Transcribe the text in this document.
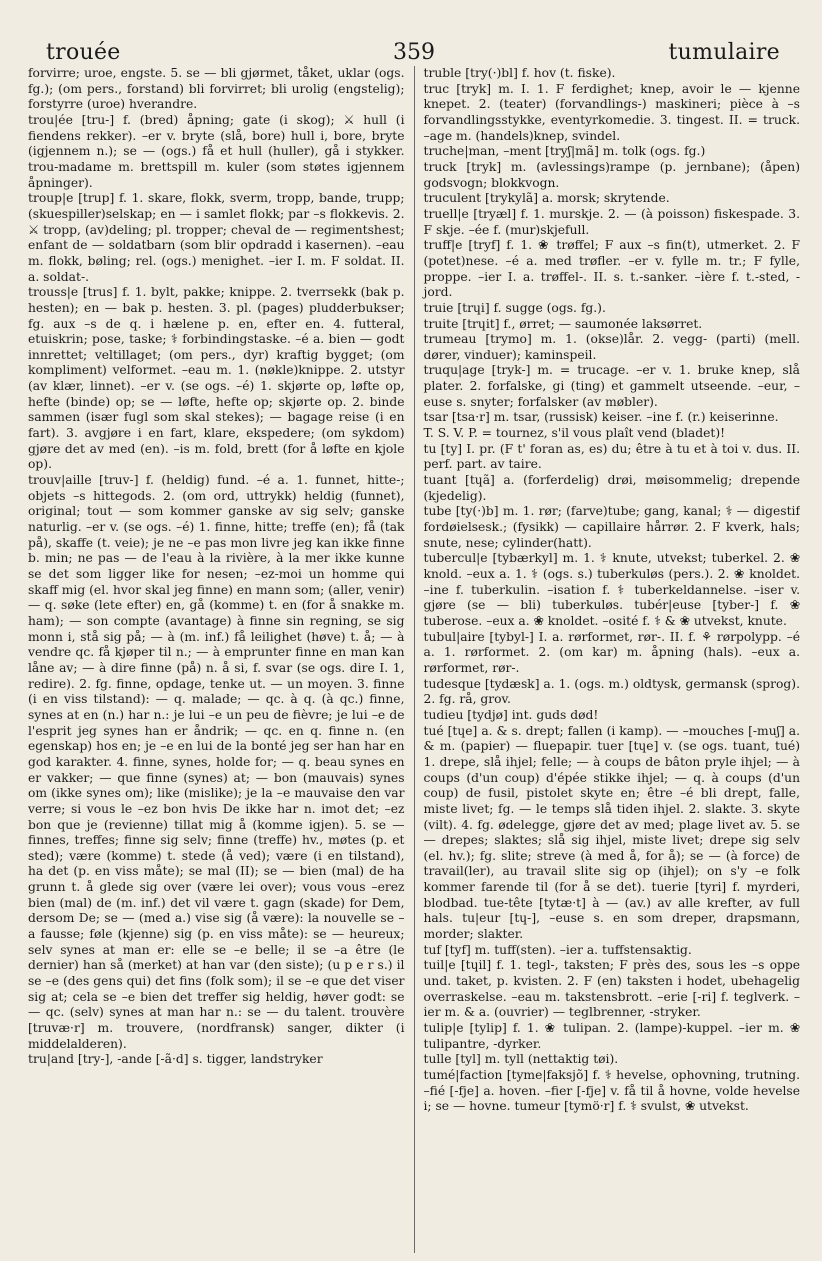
trouée	359	tumulaire

forvirre; uroe, engste. 5. se — bli gjørmet, tåket, uklar (ogs. fg.); (om pers., forstand) bli forvirret; bli urolig (engstelig); forstyrre (uroe) hverandre.

trou|ée [tru-] f. (bred) åpning; gate (i skog); ⚔ hull (i fiendens rekker). –er v. bryte (slå, bore) hull i, bore, bryte (igjennem n.); se — (ogs.) få et hull (huller), gå i stykker. trou-madame m. brettspill m. kuler (som støtes igjennem åpninger).

troup|e [trup] f. 1. skare, flokk, sverm, tropp, bande, trupp; (skuespiller)selskap; en — i samlet flokk; par –s flokkevis. 2. ⚔ tropp, (av)deling; pl. tropper; cheval de — regimentshest; enfant de — soldatbarn (som blir opdradd i kasernen). –eau m. flokk, bøling; rel. (ogs.) menighet. –ier I. m. F soldat. II. a. soldat-.

trouss|e [trus] f. 1. bylt, pakke; knippe. 2. tverrsekk (bak p. hesten); en — bak p. hesten. 3. pl. (pages) pludderbukser; fg. aux –s de q. i hælene p. en, efter en. 4. futteral, etuiskrin; pose, taske; ⚕ forbindingstaske. –é a. bien — godt innrettet; veltillaget; (om pers., dyr) kraftig bygget; (om kompliment) velformet. –eau m. 1. (nøkle)knippe. 2. utstyr (av klær, linnet). –er v. (se ogs. –é) 1. skjørte op, løfte op, hefte (binde) op; se — løfte, hefte op; skjørte op. 2. binde sammen (især fugl som skal stekes); — bagage reise (i en fart). 3. avgjøre i en fart, klare, ekspedere; (om sykdom) gjøre det av med (en). –is m. fold, brett (for å løfte en kjole op).

trouv|aille [truv-] f. (heldig) fund. –é a. 1. funnet, hitte-; objets –s hittegods. 2. (om ord, uttrykk) heldig (funnet), original; tout — som kommer ganske av sig selv; ganske naturlig. –er v. (se ogs. –é) 1. finne, hitte; treffe (en); få (tak på), skaffe (t. veie); je ne –e pas mon livre jeg kan ikke finne b. min; ne pas — de l'eau à la rivière, à la mer ikke kunne se det som ligger like for nesen; –ez-moi un homme qui skaff mig (el. hvor skal jeg finne) en mann som; (aller, venir) — q. søke (lete efter) en, gå (komme) t. en (for å snakke m. ham); — son compte (avantage) à finne sin regning, se sig monn i, stå sig på; — à (m. inf.) få leilighet (høve) t. å; — à vendre qc. få kjøper til n.; — à emprunter finne en man kan låne av; — à dire finne (på) n. å si, f. svar (se ogs. dire I. 1, redire). 2. fg. finne, opdage, tenke ut. — un moyen. 3. finne (i en viss tilstand): — q. malade; — qc. à q. (à qc.) finne, synes at en (n.) har n.: je lui –e un peu de fièvre; je lui –e de l'esprit jeg synes han er åndrik; — qc. en q. finne n. (en egenskap) hos en; je –e en lui de la bonté jeg ser han har en god karakter. 4. finne, synes, holde for; — q. beau synes en er vakker; — que finne (synes) at; — bon (mauvais) synes om (ikke synes om); like (mislike); je la –e mauvaise den var verre; si vous le –ez bon hvis De ikke har n. imot det; –ez bon que je (revienne) tillat mig å (komme igjen). 5. se — finnes, treffes; finne sig selv; finne (treffe) hv., møtes (p. et sted); være (komme) t. stede (å ved); være (i en tilstand), ha det (p. en viss måte); se mal (II); se — bien (mal) de ha grunn t. å glede sig over (være lei over); vous vous –erez bien (mal) de (m. inf.) det vil være t. gagn (skade) for Dem, dersom De; se — (med a.) vise sig (å være): la nouvelle se –a fausse; føle (kjenne) sig (p. en viss måte): se — heureux; selv synes at man er: elle se –e belle; il se –a être (le dernier) han så (merket) at han var (den siste); (u p e r s.) il se –e (des gens qui) det fins (folk som); il se –e que det viser sig at; cela se –e bien det treffer sig heldig, høver godt: se — qc. (selv) synes at man har n.: se — du talent. trouvère [truvæ·r] m. trouvere, (nordfransk) sanger, dikter (i middelalderen).

tru|and [try-], -ande [-ã·d] s. tigger, landstryker

truble [try(·)bl] f. hov (t. fiske).

truc [tryk] m. I. 1. F ferdighet; knep, avoir le — kjenne knepet. 2. (teater) (forvandlings-) maskineri; pièce à –s forvandlingsstykke, eventyrkomedie. 3. tingest. II. = truck. –age m. (handels)knep, svindel.

truche|man, –ment [tryʃ|mã] m. tolk (ogs. fg.)

truck [tryk] m. (avlessings)rampe (p. jernbane); (åpen) godsvogn; blokkvogn.

truculent [trykylã] a. morsk; skrytende.

truell|e [tryæl] f. 1. murskje. 2. — (à poisson) fiskespade. 3. F skje. –ée f. (mur)skjefull.

truff|e [tryf] f. 1. ❀ trøffel; F aux –s fin(t), utmerket. 2. F (potet)nese. –é a. med trøfler. –er v. fylle m. tr.; F fylle, proppe. –ier I. a. trøffel-. II. s. t.-sanker. –ière f. t.-sted, -jord.

truie [trɥi] f. sugge (ogs. fg.).

truite [trɥit] f., ørret; — saumonée laksørret.

trumeau [trymo] m. 1. (okse)lår. 2. vegg- (parti) (mell. dører, vinduer); kaminspeil.

truqu|age [tryk-] m. = trucage. –er v. 1. bruke knep, slå plater. 2. forfalske, gi (ting) et gammelt utseende. –eur, –euse s. snyter; forfalsker (av møbler).

tsar [tsa·r] m. tsar, (russisk) keiser. –ine f. (r.) keiserinne.

T. S. V. P. = tournez, s'il vous plaît vend (bladet)!

tu [ty] I. pr. (F t' foran as, es) du; être à tu et à toi v. dus. II. perf. part. av taire.

tuant [tɥã] a. (forferdelig) drøi, møisommelig; drepende (kjedelig).

tube [ty(·)b] m. 1. rør; (farve)tube; gang, kanal; ⚕ — digestif fordøielsesk.; (fysikk) — capillaire hårrør. 2. F kverk, hals; snute, nese; cylinder(hatt).

tubercul|e [tybærkyl] m. 1. ⚕ knute, utvekst; tuberkel. 2. ❀ knold. –eux a. 1. ⚕ (ogs. s.) tuberkuløs (pers.). 2. ❀ knoldet. –ine f. tuberkulin. –isation f. ⚕ tuberkeldannelse. –iser v. gjøre (se — bli) tuberkuløs. tubér|euse [tyber-] f. ❀ tuberose. –eux a. ❀ knoldet. –osité f. ⚕ & ❀ utvekst, knute.

tubul|aire [tybyl-] I. a. rørformet, rør-. II. f. ⚘ rørpolypp. –é a. 1. rørformet. 2. (om kar) m. åpning (hals). –eux a. rørformet, rør-.

tudesque [tydæsk] a. 1. (ogs. m.) oldtysk, germansk (sprog). 2. fg. rå, grov.

tudieu [tydjø] int. guds død!

tué [tɥe] a. & s. drept; fallen (i kamp). — –mouches [-muʃ] a. & m. (papier) — fluepapir. tuer [tɥe] v. (se ogs. tuant, tué) 1. drepe, slå ihjel; felle; — à coups de bâton pryle ihjel; — à coups (d'un coup) d'épée stikke ihjel; — q. à coups (d'un coup) de fusil, pistolet skyte en; être –é bli drept, falle, miste livet; fg. — le temps slå tiden ihjel. 2. slakte. 3. skyte (vilt). 4. fg. ødelegge, gjøre det av med; plage livet av. 5. se — drepes; slaktes; slå sig ihjel, miste livet; drepe sig selv (el. hv.); fg. slite; streve (à med å, for å); se — (à force) de travail(ler), au travail slite sig op (ihjel); on s'y –e folk kommer farende til (for å se det). tuerie [tyri] f. myrderi, blodbad. tue-tête [tytæ·t] à — (av.) av alle krefter, av full hals. tu|eur [tɥ-], –euse s. en som dreper, drapsmann, morder; slakter.

tuf [tyf] m. tuff(sten). –ier a. tuffstensaktig.

tuil|e [tɥil] f. 1. tegl-, taksten; F près des, sous les –s oppe und. taket, p. kvisten. 2. F (en) taksten i hodet, ubehagelig overraskelse. –eau m. takstensbrott. –erie [-ri] f. teglverk. –ier m. & a. (ouvrier) — teglbrenner, -stryker.

tulip|e [tylip] f. 1. ❀ tulipan. 2. (lampe)-kuppel. –ier m. ❀ tulipantre, -dyrker.

tulle [tyl] m. tyll (nettaktig tøi).

tumé|faction [tyme|faksjõ] f. ⚕ hevelse, ophovning, trutning. –fié [-fje] a. hoven. –fier [-fje] v. få til å hovne, volde hevelse i; se — hovne. tumeur [tymö·r] f. ⚕ svulst, ❀ utvekst.
